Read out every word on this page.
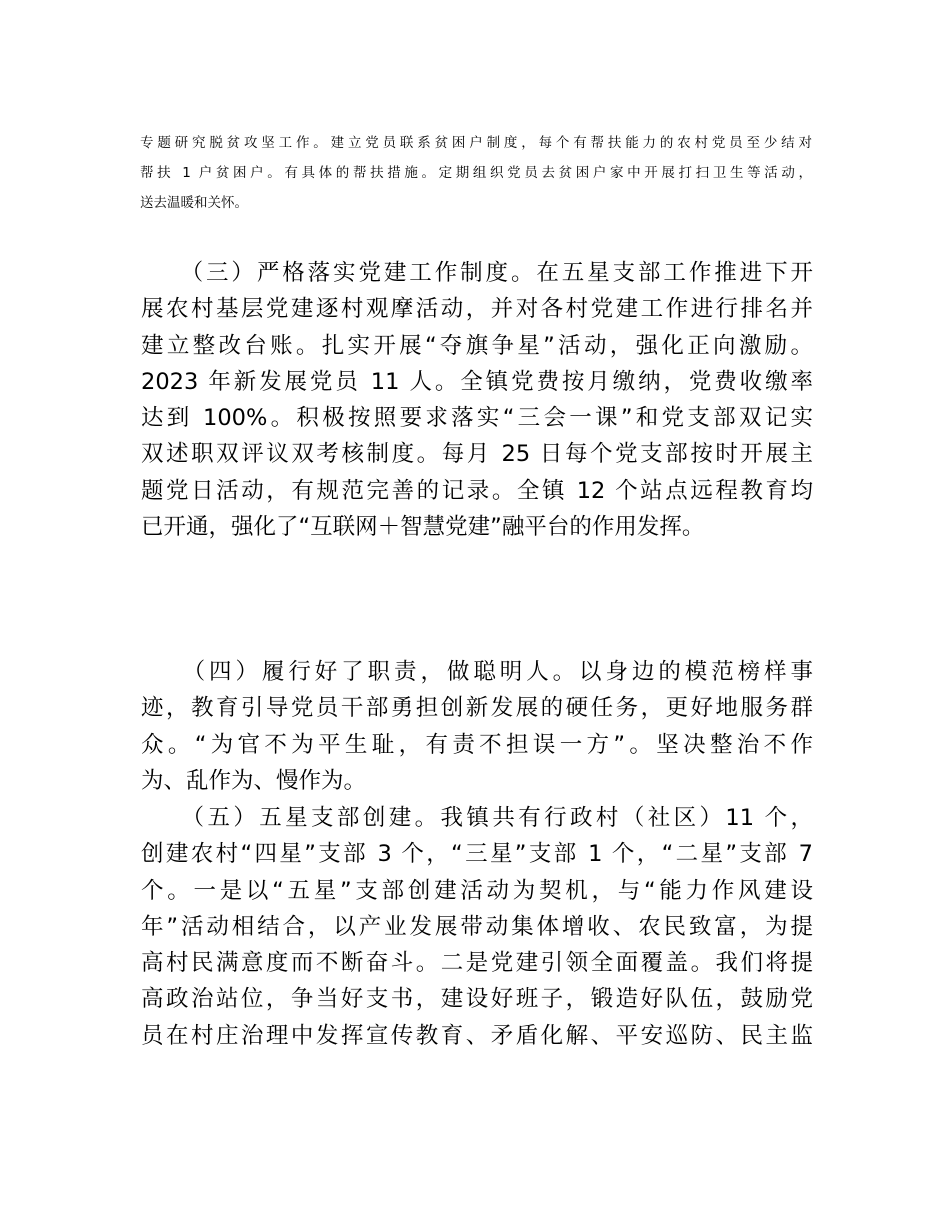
专题研究脱贫攻坚工作。建立党员联系贫困户制度，每个有帮扶能力的农村党员至少结对
帮扶 1 户贫困户。有具体的帮扶措施。定期组织党员去贫困户家中开展打扫卫生等活动，
送去温暖和关怀。
　　（三）严格落实党建工作制度。在五星支部工作推进下开
展农村基层党建逐村观摩活动，并对各村党建工作进行排名并
建立整改台账。扎实开展“夺旗争星”活动，强化正向激励。
2023 年新发展党员 11 人。全镇党费按月缴纳，党费收缴率
达到 100%。积极按照要求落实“三会一课”和党支部双记实
双述职双评议双考核制度。每月 25 日每个党支部按时开展主
题党日活动，有规范完善的记录。全镇 12 个站点远程教育均
已开通，强化了“互联网＋智慧党建”融平台的作用发挥。
　　（四）履行好了职责，做聪明人。以身边的模范榜样事
迹，教育引导党员干部勇担创新发展的硬任务，更好地服务群
众。“为官不为平生耻，有责不担误一方”。坚决整治不作
为、乱作为、慢作为。
　　（五）五星支部创建。我镇共有行政村（社区）11 个，
创建农村“四星”支部 3 个，“三星”支部 1 个，“二星”支部 7
个。一是以“五星”支部创建活动为契机，与“能力作风建设
年”活动相结合，以产业发展带动集体增收、农民致富，为提
高村民满意度而不断奋斗。二是党建引领全面覆盖。我们将提
高政治站位，争当好支书，建设好班子，锻造好队伍，鼓励党
员在村庄治理中发挥宣传教育、矛盾化解、平安巡防、民主监
